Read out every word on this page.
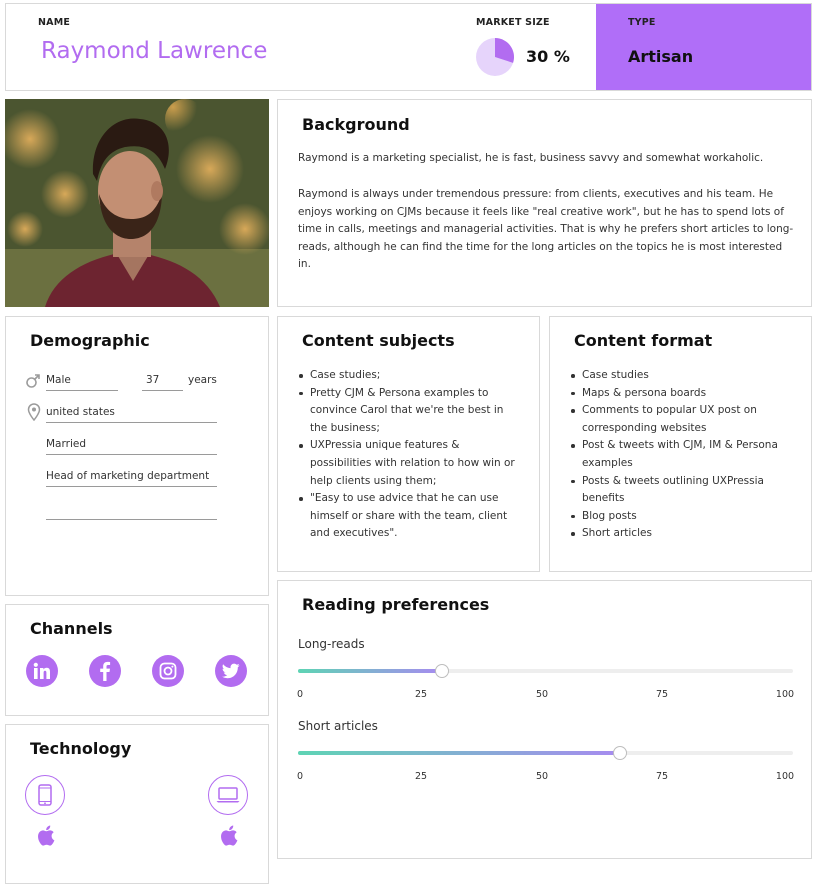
NAME
Raymond Lawrence
MARKET SIZE
30 %
TYPE
Artisan
Background
Raymond is a marketing specialist, he is fast, business savvy and somewhat workaholic.
Raymond is always under tremendous pressure: from clients, executives and his team. He
enjoys working on CJMs because it feels like "real creative work", but he has to spend lots of
time in calls, meetings and managerial activities. That is why he prefers short articles to long-
reads, although he can find the time for the long articles on the topics he is most interested
in.
Demographic
Male	37	years
united states
Married
Head of marketing department
Content subjects
Case studies;
Pretty CJM & Persona examples to
convince Carol that we're the best in
the business;
UXPressia unique features &
possibilities with relation to how win or
help clients using them;
"Easy to use advice that he can use
himself or share with the team, client
and executives".
Content format
Case studies
Maps & persona boards
Comments to popular UX post on
corresponding websites
Post & tweets with CJM, IM & Persona
examples
Posts & tweets outlining UXPressia
benefits
Blog posts
Short articles
Channels
Technology
Reading preferences
Long-reads
0	25	50	75	100
Short articles
0	25	50	75	100
